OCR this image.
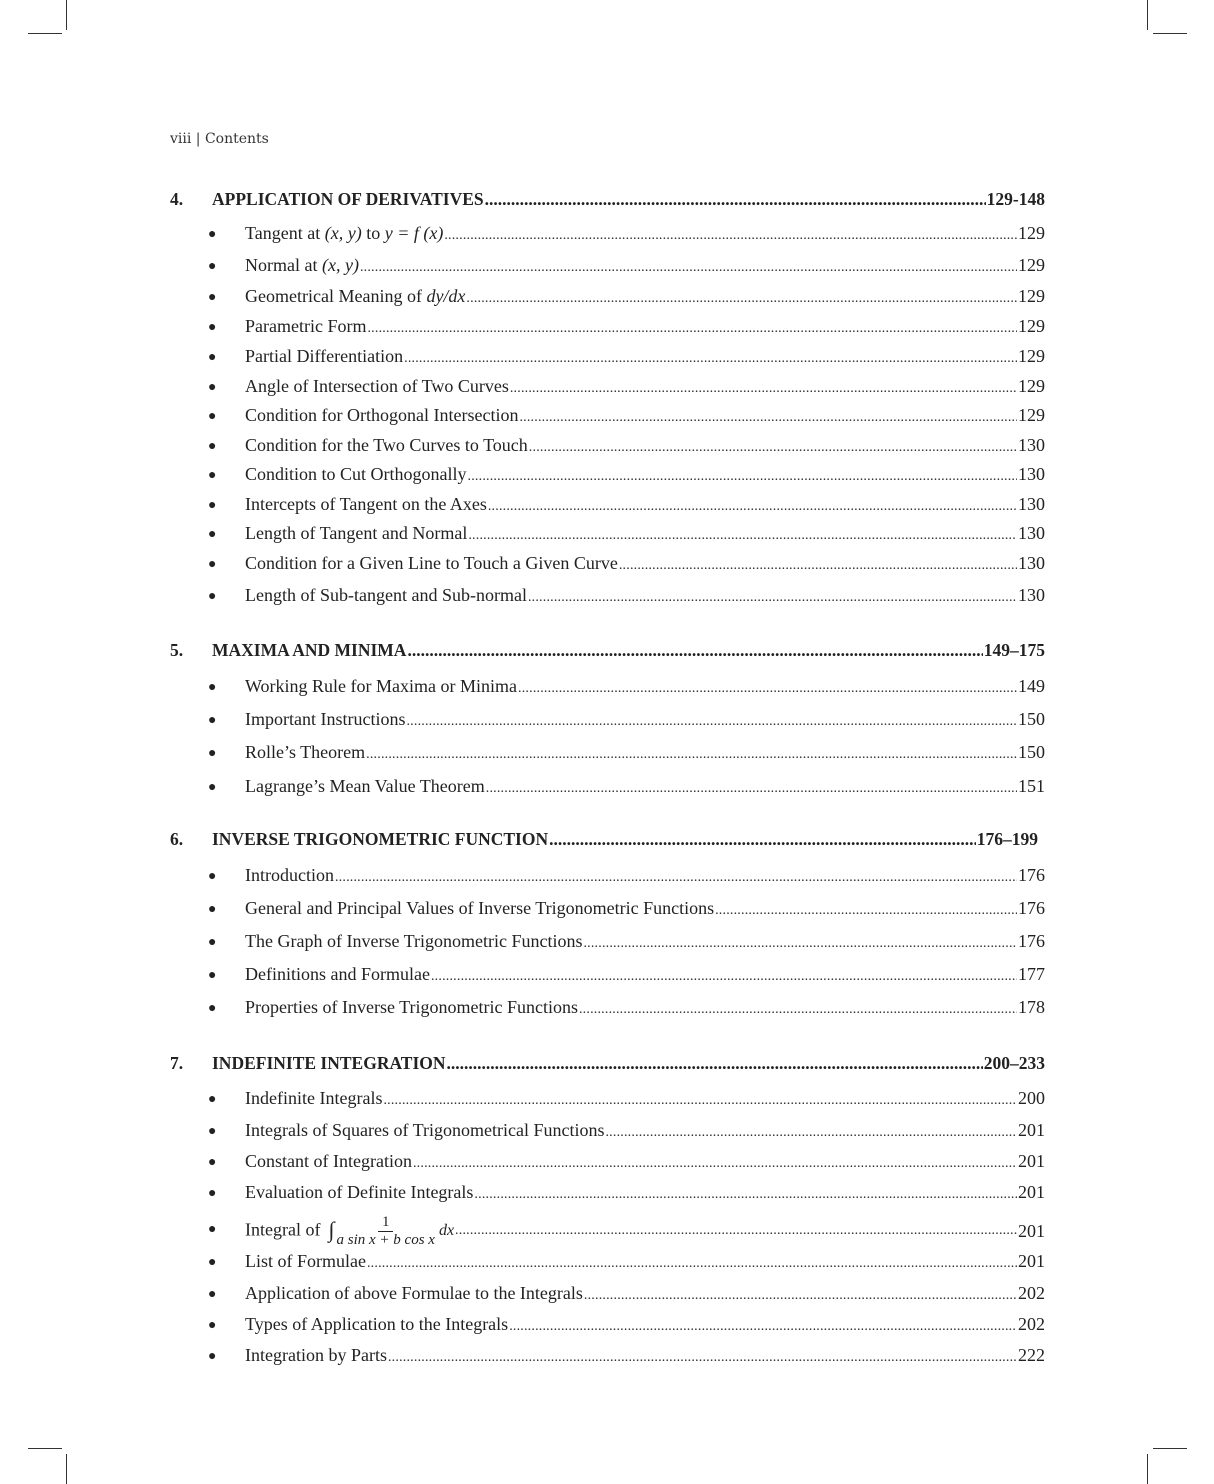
viii | Contents
4.	APPLICATION OF DERIVATIVES .....	129-148
●	Tangent at (x, y) to y = f (x) .....	129
●	Normal at (x, y) .....	129
●	Geometrical Meaning of dy/dx .....	129
●	Parametric Form .....	129
●	Partial Differentiation .....	129
●	Angle of Intersection of Two Curves .....	129
●	Condition for Orthogonal Intersection .....	129
●	Condition for the Two Curves to Touch .....	130
●	Condition to Cut Orthogonally .....	130
●	Intercepts of Tangent on the Axes .....	130
●	Length of Tangent and Normal .....	130
●	Condition for a Given Line to Touch a Given Curve .....	130
●	Length of Sub-tangent and Sub-normal .....	130
5.	MAXIMA AND MINIMA .....	149–175
●	Working Rule for Maxima or Minima .....	149
●	Important Instructions .....	150
●	Rolle’s Theorem .....	150
●	Lagrange’s Mean Value Theorem .....	151
6.	INVERSE TRIGONOMETRIC FUNCTION .....	176–199
●	Introduction .....	176
●	General and Principal Values of Inverse Trigonometric Functions .....	176
●	The Graph of Inverse Trigonometric Functions .....	176
●	Definitions and Formulae .....	177
●	Properties of Inverse Trigonometric Functions .....	178
7.	INDEFINITE INTEGRATION .....	200–233
●	Indefinite Integrals .....	200
●	Integrals of Squares of Trigonometrical Functions .....	201
●	Constant of Integration .....	201
●	Evaluation of Definite Integrals .....	201
●	Integral of ∫ $\frac{1}{\text{a sin x + b cos x}}$ dx .....	201
●	List of Formulae .....	201
●	Application of above Formulae to the Integrals .....	202
●	Types of Application to the Integrals .....	202
●	Integration by Parts .....	222
